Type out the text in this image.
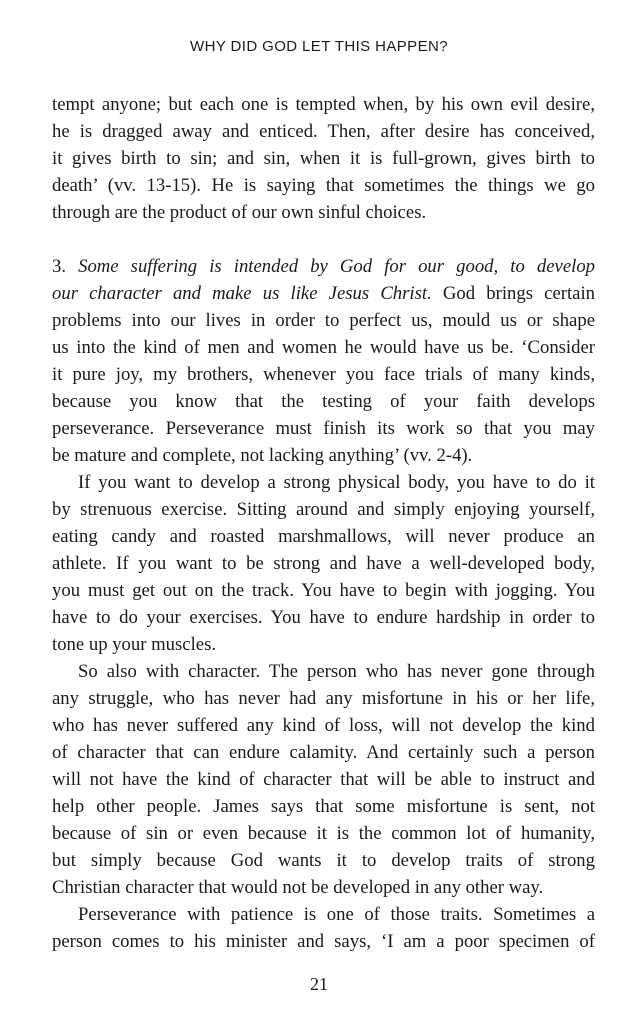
WHY DID GOD LET THIS HAPPEN?
tempt anyone; but each one is tempted when, by his own evil desire,
he is dragged away and enticed. Then, after desire has conceived,
it gives birth to sin; and sin, when it is full-grown, gives birth to
death’ (vv. 13-15). He is saying that sometimes the things we go
through are the product of our own sinful choices.
3. Some suffering is intended by God for our good, to develop
our character and make us like Jesus Christ. God brings certain
problems into our lives in order to perfect us, mould us or shape
us into the kind of men and women he would have us be. ‘Consider
it pure joy, my brothers, whenever you face trials of many kinds,
because you know that the testing of your faith develops
perseverance. Perseverance must finish its work so that you may
be mature and complete, not lacking anything’ (vv. 2-4).
If you want to develop a strong physical body, you have to do it
by strenuous exercise. Sitting around and simply enjoying yourself,
eating candy and roasted marshmallows, will never produce an
athlete. If you want to be strong and have a well-developed body,
you must get out on the track. You have to begin with jogging. You
have to do your exercises. You have to endure hardship in order to
tone up your muscles.
So also with character. The person who has never gone through
any struggle, who has never had any misfortune in his or her life,
who has never suffered any kind of loss, will not develop the kind
of character that can endure calamity. And certainly such a person
will not have the kind of character that will be able to instruct and
help other people. James says that some misfortune is sent, not
because of sin or even because it is the common lot of humanity,
but simply because God wants it to develop traits of strong
Christian character that would not be developed in any other way.
Perseverance with patience is one of those traits. Sometimes a
person comes to his minister and says, ‘I am a poor specimen of
21
